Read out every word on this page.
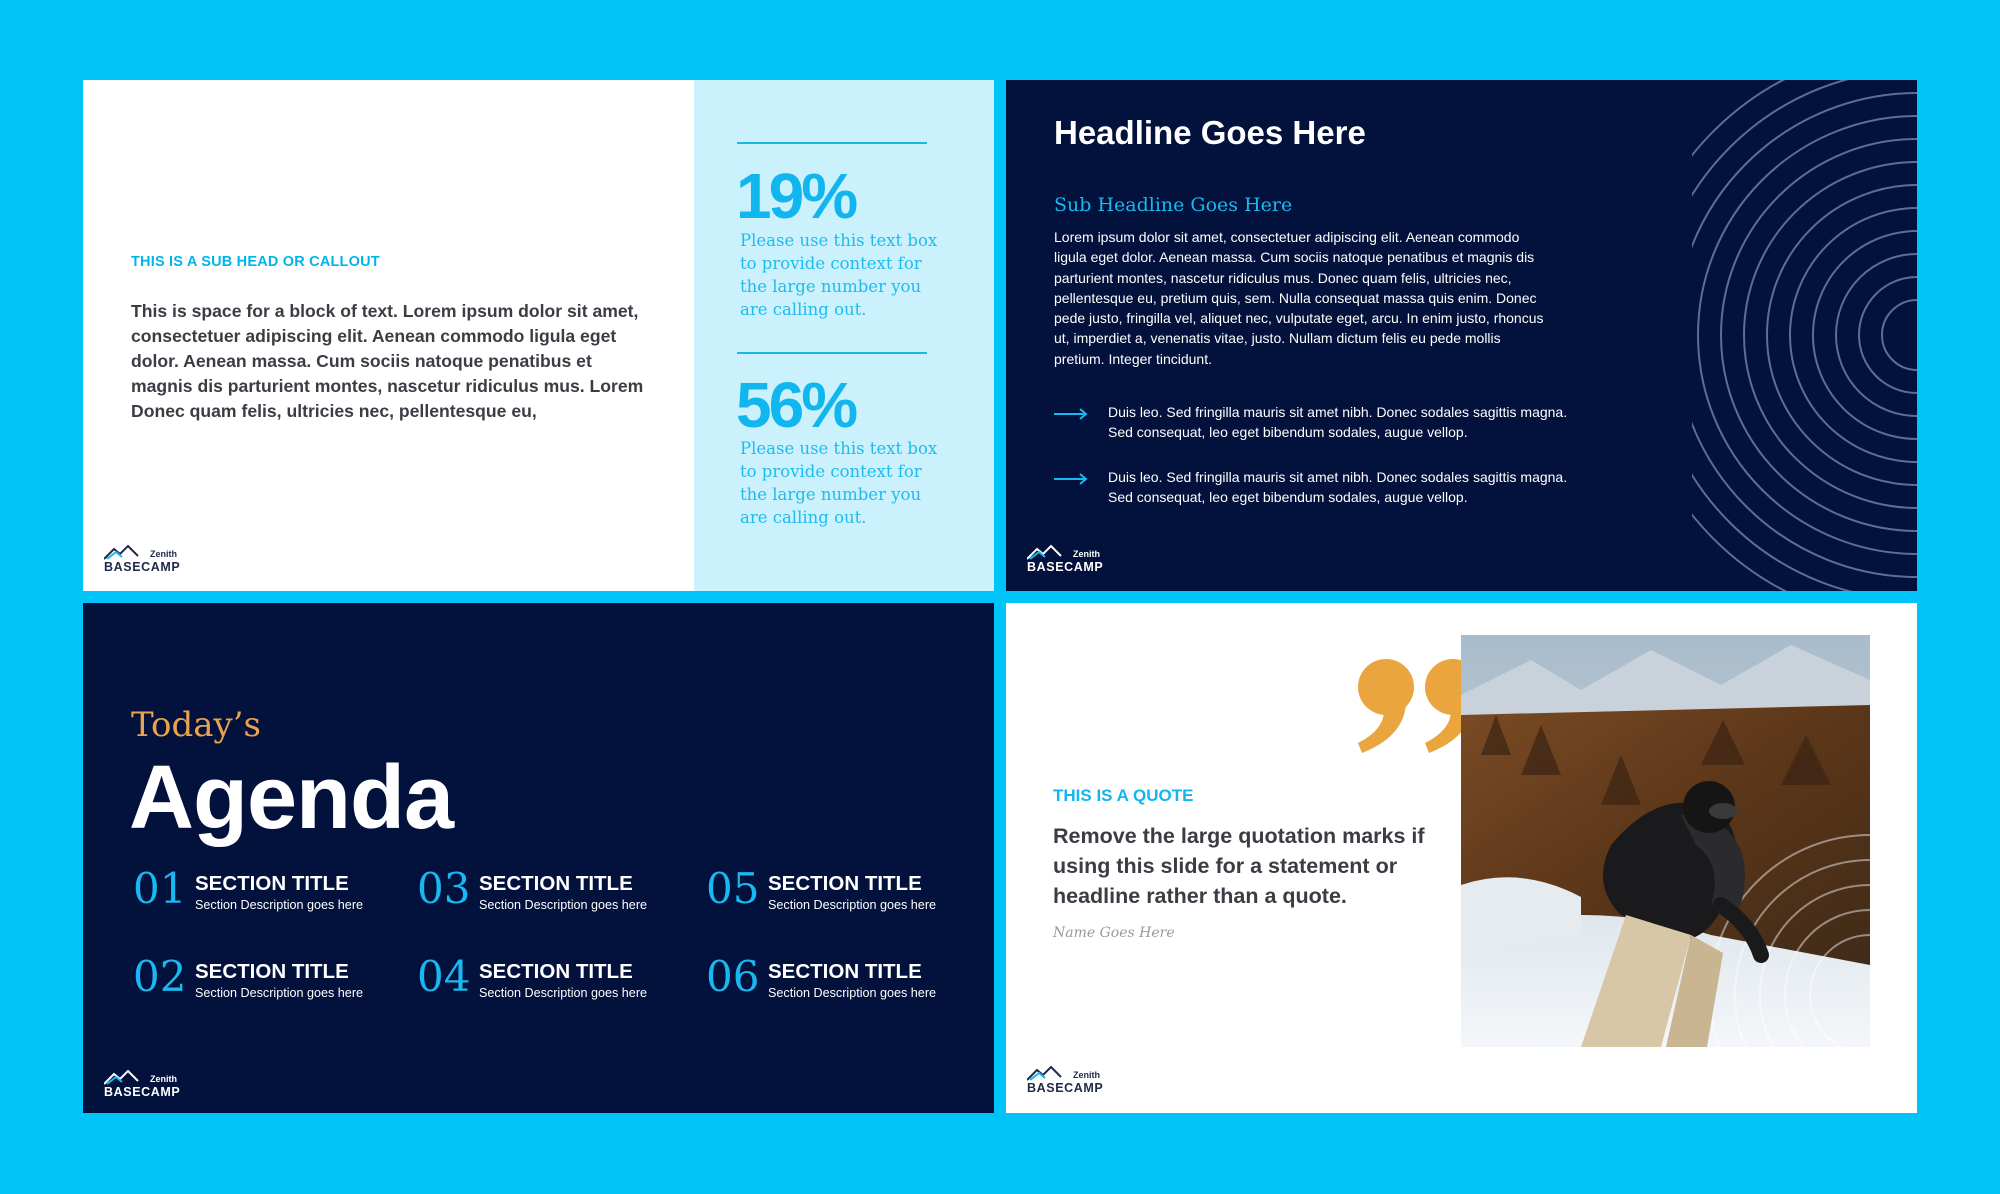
THIS IS A SUB HEAD OR CALLOUT
This is space for a block of text. Lorem ipsum dolor sit amet, consectetuer adipiscing elit. Aenean commodo ligula eget dolor. Aenean massa. Cum sociis natoque penatibus et magnis dis parturient montes, nascetur ridiculus mus. Lorem Donec quam felis, ultricies nec, pellentesque eu,
19%
Please use this text box to provide context for the large number you are calling out.
56%
Please use this text box to provide context for the large number you are calling out.
Zenith
BASECAMP
Headline Goes Here
Sub Headline Goes Here
Lorem ipsum dolor sit amet, consectetuer adipiscing elit. Aenean commodo ligula eget dolor. Aenean massa. Cum sociis natoque penatibus et magnis dis parturient montes, nascetur ridiculus mus. Donec quam felis, ultricies nec, pellentesque eu, pretium quis, sem. Nulla consequat massa quis enim. Donec pede justo, fringilla vel, aliquet nec, vulputate eget, arcu. In enim justo, rhoncus ut, imperdiet a, venenatis vitae, justo. Nullam dictum felis eu pede mollis pretium. Integer tincidunt.
Duis leo. Sed fringilla mauris sit amet nibh. Donec sodales sagittis magna. Sed consequat, leo eget bibendum sodales, augue vellop.
Duis leo. Sed fringilla mauris sit amet nibh. Donec sodales sagittis magna. Sed consequat, leo eget bibendum sodales, augue vellop.
Zenith
BASECAMP
Today’s
Agenda
01 SECTION TITLE
Section Description goes here
02 SECTION TITLE
Section Description goes here
03 SECTION TITLE
Section Description goes here
04 SECTION TITLE
Section Description goes here
05 SECTION TITLE
Section Description goes here
06 SECTION TITLE
Section Description goes here
Zenith
BASECAMP
THIS IS A QUOTE
Remove the large quotation marks if using this slide for a statement or headline rather than a quote.
Name Goes Here
Zenith
BASECAMP
